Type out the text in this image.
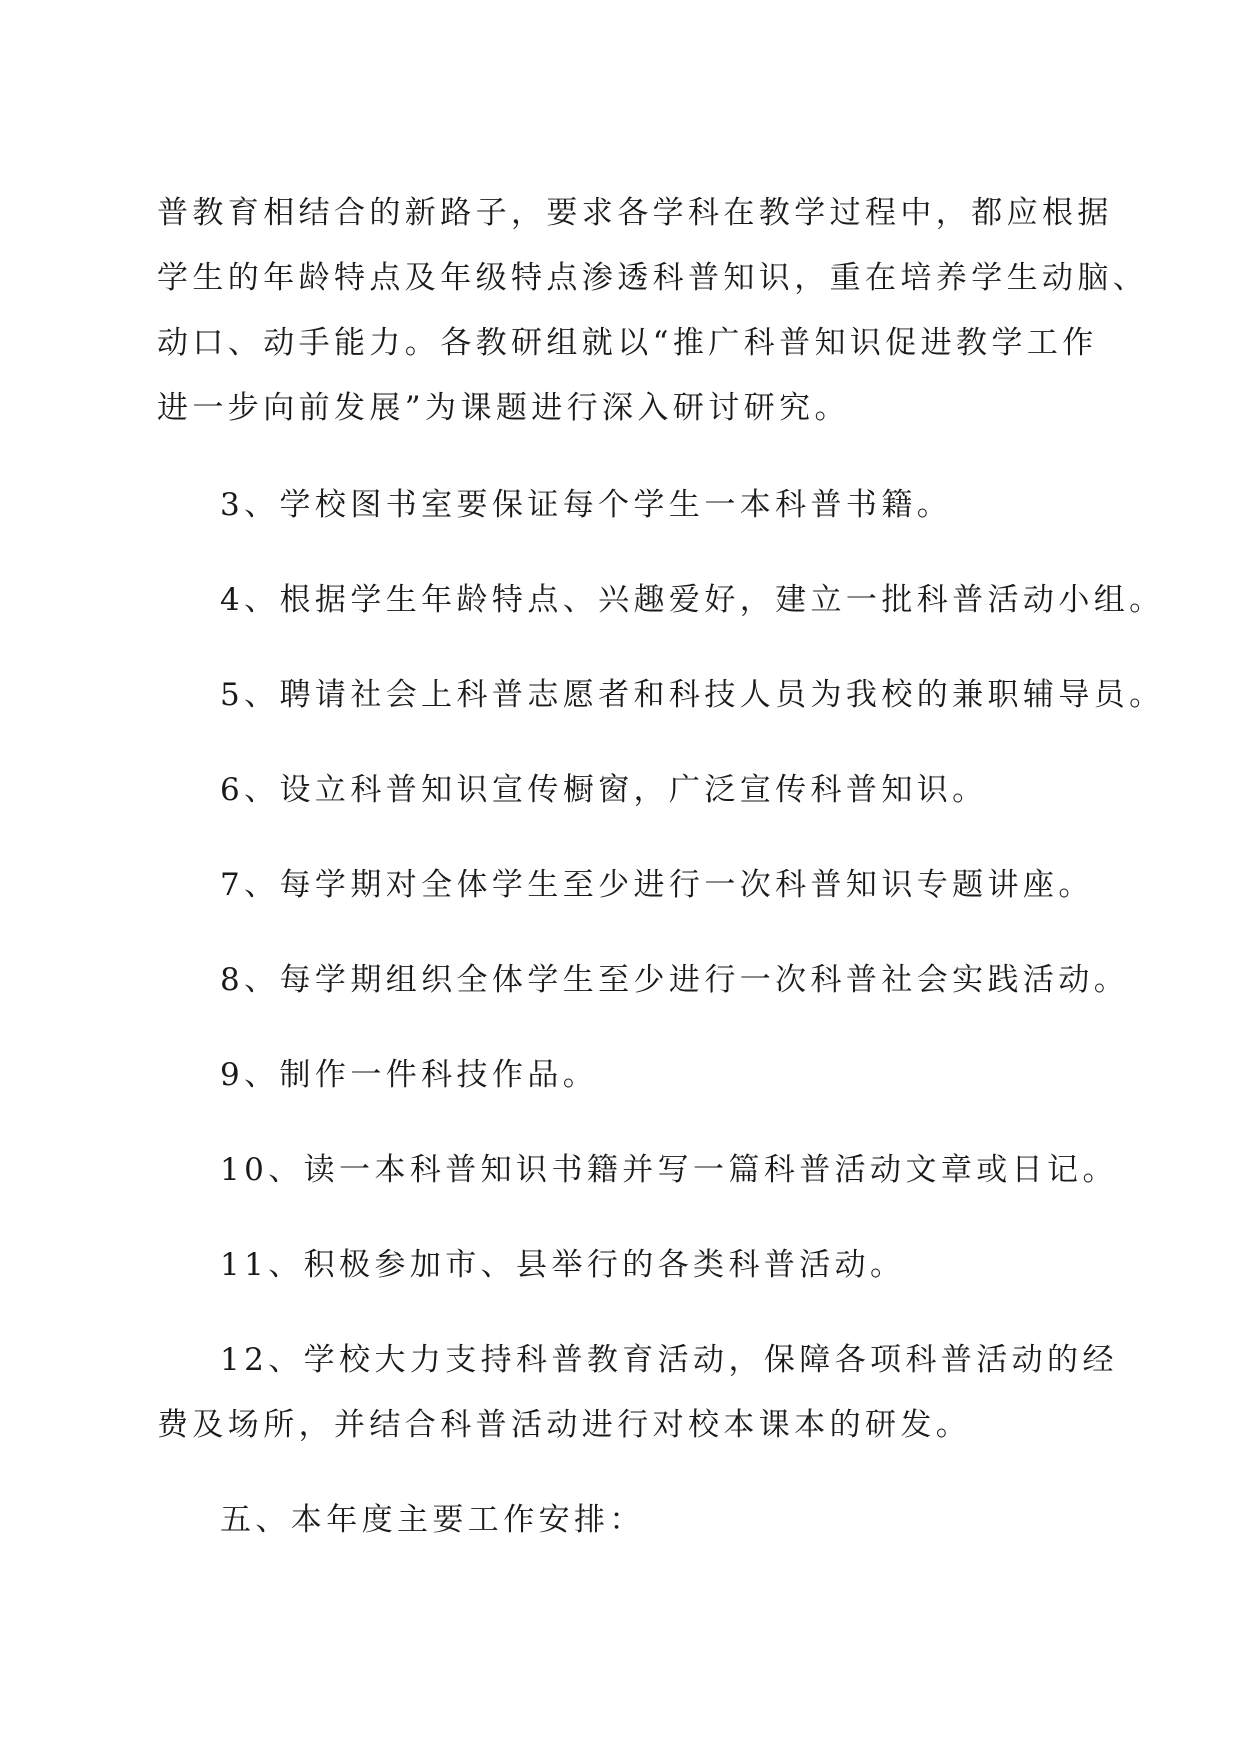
普教育相结合的新路子，要求各学科在教学过程中，都应根据
学生的年龄特点及年级特点渗透科普知识，重在培养学生动脑、
动口、动手能力。各教研组就以“推广科普知识促进教学工作
进一步向前发展”为课题进行深入研讨研究。
3、学校图书室要保证每个学生一本科普书籍。
4、根据学生年龄特点、兴趣爱好，建立一批科普活动小组。
5、聘请社会上科普志愿者和科技人员为我校的兼职辅导员。
6、设立科普知识宣传橱窗，广泛宣传科普知识。
7、每学期对全体学生至少进行一次科普知识专题讲座。
8、每学期组织全体学生至少进行一次科普社会实践活动。
9、制作一件科技作品。
10、读一本科普知识书籍并写一篇科普活动文章或日记。
11、积极参加市、县举行的各类科普活动。
12、学校大力支持科普教育活动，保障各项科普活动的经
费及场所，并结合科普活动进行对校本课本的研发。
五、本年度主要工作安排：
